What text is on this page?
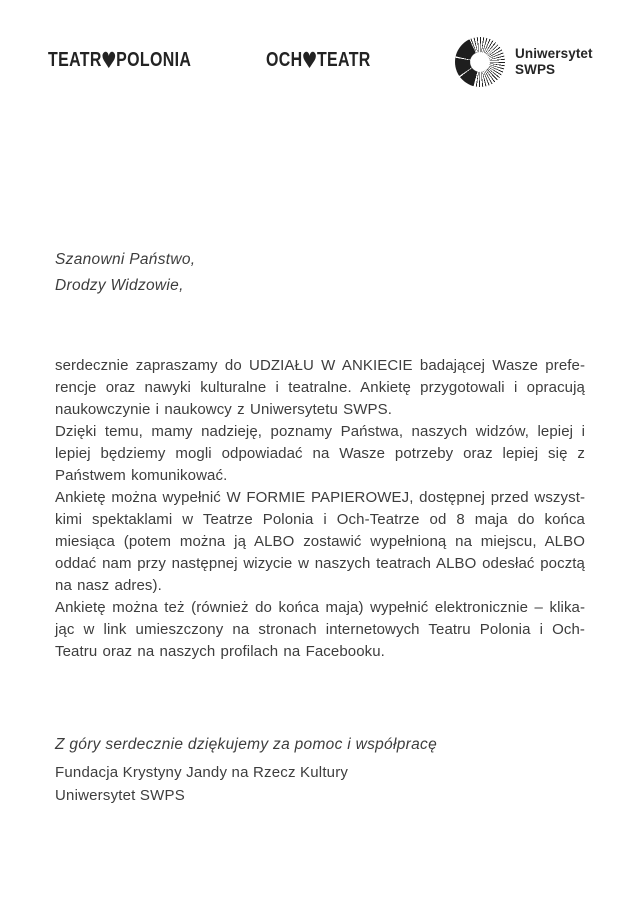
TEATR♥POLONIA	OCH♥TEATR	Uniwersytet
SWPS
Szanowni Państwo,
Drodzy Widzowie,

serdecznie zapraszamy do UDZIAŁU W ANKIECIE badającej Wasze preferencje oraz nawyki kulturalne i teatralne. Ankietę przygotowali i opracują naukowczynie i naukowcy z Uniwersytetu SWPS.

Dzięki temu, mamy nadzieję, poznamy Państwa, naszych widzów, lepiej i lepiej będziemy mogli odpowiadać na Wasze potrzeby oraz lepiej się z Państwem komunikować.

Ankietę można wypełnić W FORMIE PAPIEROWEJ, dostępnej przed wszystkimi spektaklami w Teatrze Polonia i Och-Teatrze od 8 maja do końca miesiąca (potem można ją ALBO zostawić wypełnioną na miejscu, ALBO oddać nam przy następnej wizycie w naszych teatrach ALBO odesłać pocztą na nasz adres).

Ankietę można też (również do końca maja) wypełnić elektronicznie – klikając w link umieszczony na stronach internetowych Teatru Polonia i Och-Teatru oraz na naszych profilach na Facebooku.

Z góry serdecznie dziękujemy za pomoc i współpracę
Fundacja Krystyny Jandy na Rzecz Kultury
Uniwersytet SWPS
